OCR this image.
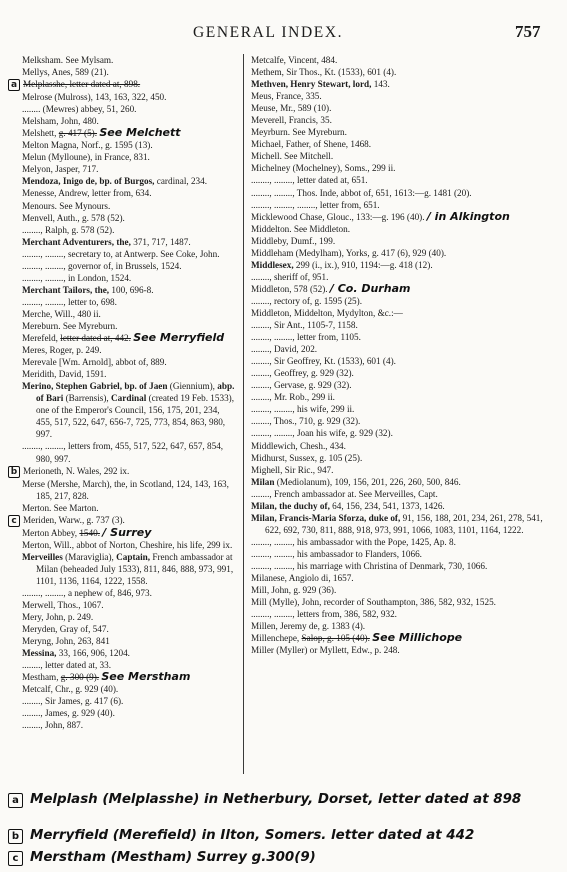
GENERAL INDEX.	757
Melksham. See Mylsam.
Mellys, Anes, 589 (21).
a Melplasshe, letter dated at, 898.
Melrose (Mulross), 143, 163, 322, 450.
........ (Mewres) abbey, 51, 260.
Melsham, John, 480.
Melshett, g. 417 (5). See Melchett
Melton Magna, Norf., g. 1595 (13).
Melun (Mylloune), in France, 831.
Melyon, Jasper, 717.
Mendoza, Inigo de, bp. of Burgos, cardinal, 234.
Menesse, Andrew, letter from, 634.
Menours. See Mynours.
Menvell, Auth., g. 578 (52).
........, Ralph, g. 578 (52).
Merchant Adventurers, the, 371, 717, 1487.
........, ........, secretary to, at Antwerp. See Coke, John.
........, ........, governor of, in Brussels, 1524.
........, ........, in London, 1524.
Merchant Tailors, the, 100, 696-8.
........, ........, letter to, 698.
Merche, Will., 480 ii.
Mereburn. See Myreburn.
Merefeld, letter dated at, 442. See Merryfield
Meres, Roger, p. 249.
Merevale [Wm. Arnold], abbot of, 889.
Meridith, David, 1591.
Merino, Stephen Gabriel, bp. of Jaen (Giennium), abp. of Bari (Barrensis), Cardinal (created 19 Feb. 1533), one of the Emperor's Council, 156, 175, 201, 234, 455, 517, 522, 647, 656-7, 725, 773, 854, 863, 980, 997.
........, ........, letters from, 455, 517, 522, 647, 657, 854, 980, 997.
b Merioneth, N. Wales, 292 ix.
Merse (Mershe, March), the, in Scotland, 124, 143, 163, 185, 217, 828.
Merton. See Marton.
c Meriden, Warw., g. 737 (3).
Merton Abbey, 1540. / Surrey
Merton, Will., abbot of Norton, Cheshire, his life, 299 ix.
Merveilles (Maraviglia), Captain, French ambassador at Milan (beheaded July 1533), 811, 846, 888, 973, 991, 1101, 1136, 1164, 1222, 1558.
........, ........, a nephew of, 846, 973.
Merwell, Thos., 1067.
Mery, John, p. 249.
Meryden, Gray of, 547.
Meryng, John, 263, 841
Messina, 33, 166, 906, 1204.
........, letter dated at, 33.
Mestham, g. 300 (9). See Merstham
Metcalf, Chr., g. 929 (40).
........, Sir James, g. 417 (6).
........, James, g. 929 (40).
........, John, 887.
Metcalfe, Vincent, 484.
Methem, Sir Thos., Kt. (1533), 601 (4).
Methven, Henry Stewart, lord, 143.
Meus, France, 335.
Meuse, Mr., 589 (10).
Meverell, Francis, 35.
Meyrburn. See Myreburn.
Michael, Father, of Shene, 1468.
Michell. See Mitchell.
Michelney (Mochelney), Soms., 299 ii.
........, ........, letter dated at, 651.
........, ........, Thos. Inde, abbot of, 651, 1613:—g. 1481 (20).
........, ........, ........, letter from, 651.
Micklewood Chase, Glouc., 133:—g. 196 (40). / in Alkington
Middelton. See Middleton.
Middleby, Dumf., 199.
Middleham (Medylham), Yorks, g. 417 (6), 929 (40).
Middlesex, 299 (i., ix.), 910, 1194:—g. 418 (12).
........, sheriff of, 951.
Middleton, 578 (52). / Co. Durham
........, rectory of, g. 1595 (25).
Middleton, Middelton, Mydylton, &c.:—
........, Sir Ant., 1105-7, 1158.
........, ........, letter from, 1105.
........, David, 202.
........, Sir Geoffrey, Kt. (1533), 601 (4).
........, Geoffrey, g. 929 (32).
........, Gervase, g. 929 (32).
........, Mr. Rob., 299 ii.
........, ........, his wife, 299 ii.
........, Thos., 710, g. 929 (32).
........, ........, Joan his wife, g. 929 (32).
Middlewich, Chesh., 434.
Midhurst, Sussex, g. 105 (25).
Mighell, Sir Ric., 947.
Milan (Mediolanum), 109, 156, 201, 226, 260, 500, 846.
........, French ambassador at. See Merveilles, Capt.
Milan, the duchy of, 64, 156, 234, 541, 1373, 1426.
Milan, Francis-Maria Sforza, duke of, 91, 156, 188, 201, 234, 261, 278, 541, 622, 692, 730, 811, 888, 918, 973, 991, 1066, 1083, 1101, 1164, 1222.
........, ........, his ambassador with the Pope, 1425, Ap. 8.
........, ........, his ambassador to Flanders, 1066.
........, ........, his marriage with Christina of Denmark, 730, 1066.
Milanese, Angiolo di, 1657.
Mill, John, g. 929 (36).
Mill (Mylle), John, recorder of Southampton, 386, 582, 932, 1525.
........, ........, letters from, 386, 582, 932.
Millen, Jeremy de, g. 1383 (4).
Millenchepe, Salop, g. 105 (40). See Millichope
Miller (Myller) or Myllett, Edw., p. 248.
a Melplash (Melplasshe) in Netherbury, Dorset, letter dated at 898
b Merryfield (Merefield) in Ilton, Somers. letter dated at 442
c Merstham (Mestham) Surrey g.300(9)
